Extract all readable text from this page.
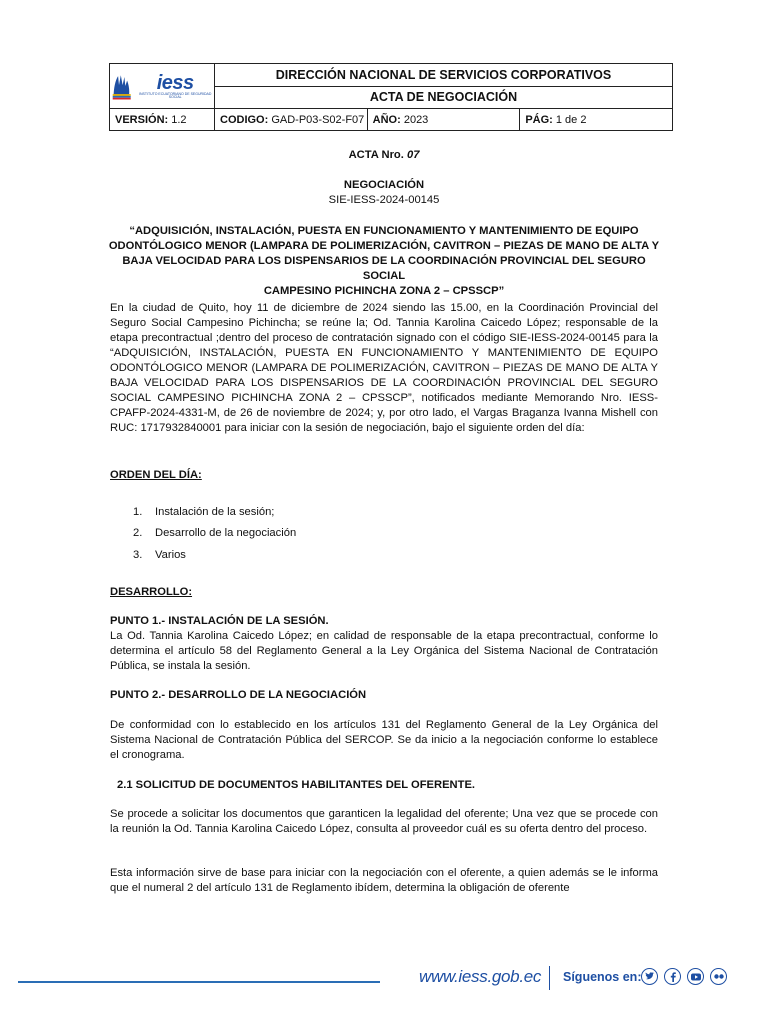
iess
INSTITUTO ECUATORIANO DE SEGURIDAD SOCIAL	DIRECCIÓN NACIONAL DE SERVICIOS CORPORATIVOS		
	ACTA DE NEGOCIACIÓN		
VERSIÓN: 1.2	CODIGO: GAD-P03-S02-F07	AÑO: 2023	PÁG: 1 de 2
ACTA Nro. 07
NEGOCIACIÓN
SIE-IESS-2024-00145
“ADQUISICIÓN, INSTALACIÓN, PUESTA EN FUNCIONAMIENTO Y MANTENIMIENTO DE EQUIPO
ODONTÓLOGICO MENOR (LAMPARA DE POLIMERIZACIÓN, CAVITRON – PIEZAS DE MANO DE ALTA Y
BAJA VELOCIDAD PARA LOS DISPENSARIOS DE LA COORDINACIÓN PROVINCIAL DEL SEGURO SOCIAL
CAMPESINO PICHINCHA ZONA 2 – CPSSCP”
En la ciudad de Quito, hoy 11 de diciembre de 2024 siendo las 15.00, en la Coordinación Provincial del Seguro Social Campesino Pichincha; se reúne la; Od. Tannia Karolina Caicedo López; responsable de la etapa precontractual ;dentro del proceso de contratación signado con el código SIE-IESS-2024-00145 para la “ADQUISICIÓN, INSTALACIÓN, PUESTA EN FUNCIONAMIENTO Y MANTENIMIENTO DE EQUIPO ODONTÓLOGICO MENOR (LAMPARA DE POLIMERIZACIÓN, CAVITRON – PIEZAS DE MANO DE ALTA Y BAJA VELOCIDAD PARA LOS DISPENSARIOS DE LA COORDINACIÓN PROVINCIAL DEL SEGURO SOCIAL CAMPESINO PICHINCHA ZONA 2 – CPSSCP”, notificados mediante Memorando Nro. IESS-CPAFP-2024-4331-M, de 26 de noviembre de 2024; y, por otro lado, el Vargas Braganza Ivanna Mishell con RUC: 1717932840001 para iniciar con la sesión de negociación, bajo el siguiente orden del día:
ORDEN DEL DÍA:
1.	Instalación de la sesión;
2.	Desarrollo de la negociación
3.	Varios
DESARROLLO:
PUNTO 1.- INSTALACIÓN DE LA SESIÓN.
La Od. Tannia Karolina Caicedo López; en calidad de responsable de la etapa precontractual, conforme lo determina el artículo 58 del Reglamento General a la Ley Orgánica del Sistema Nacional de Contratación Pública, se instala la sesión.
PUNTO 2.- DESARROLLO DE LA NEGOCIACIÓN
De conformidad con lo establecido en los artículos 131 del Reglamento General de la Ley Orgánica del Sistema Nacional de Contratación Pública del SERCOP. Se da inicio a la negociación conforme lo establece el cronograma.
2.1 SOLICITUD DE DOCUMENTOS HABILITANTES DEL OFERENTE.
Se procede a solicitar los documentos que garanticen la legalidad del oferente; Una vez que se procede con la reunión la Od. Tannia Karolina Caicedo López, consulta al proveedor cuál es su oferta dentro del proceso.
Esta información sirve de base para iniciar con la negociación con el oferente, a quien además se le informa que el numeral 2 del artículo 131 de Reglamento ibídem, determina la obligación de oferente
www.iess.gob.ec Síguenos en:
